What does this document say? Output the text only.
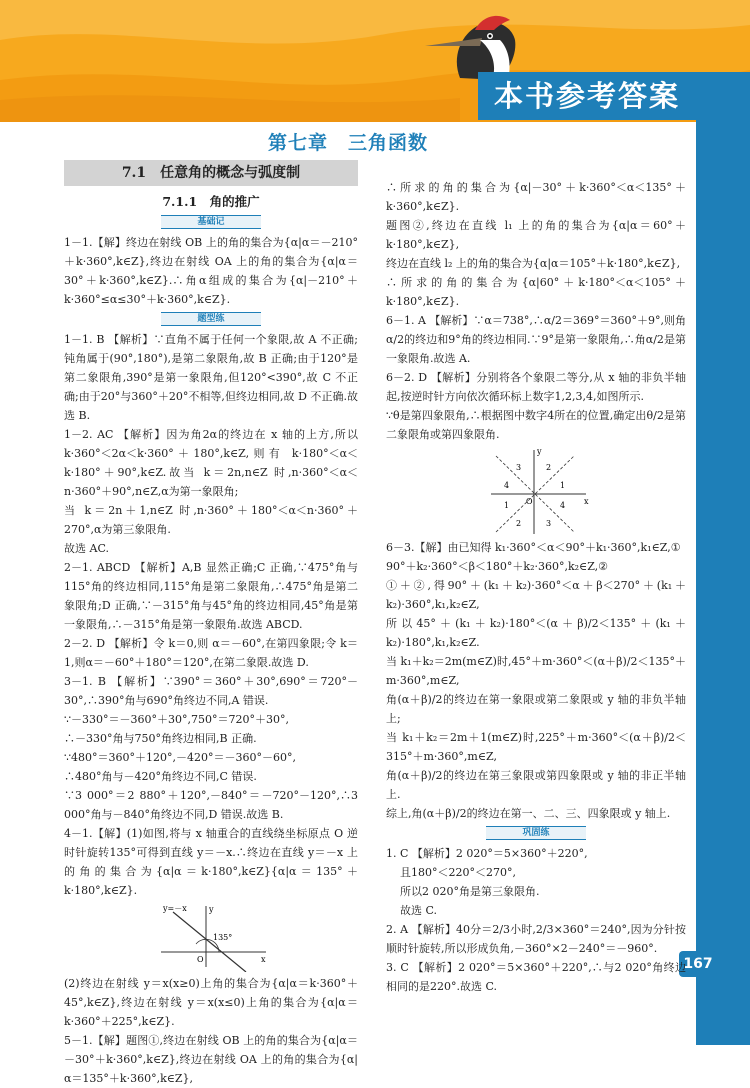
本书参考答案
167
第七章　三角函数
7.1　任意角的概念与弧度制
7.1.1　角的推广
基础记

1－1.【解】终边在射线 OB 上的角的集合为{α|α＝－210°＋k·360°,k∈Z},终边在射线 OA 上的角的集合为{α|α＝30°＋k·360°,k∈Z}.∴角α组成的集合为{α|－210°＋k·360°≤α≤30°＋k·360°,k∈Z}.

题型练

1－1. B 【解析】∵直角不属于任何一个象限,故 A 不正确;钝角属于(90°,180°),是第二象限角,故 B 正确;由于120°是第二象限角,390°是第一象限角,但120°<390°,故 C 不正确;由于20°与360°＋20°不相等,但终边相同,故 D 不正确.故选 B.

1－2. AC 【解析】因为角2α的终边在 x 轴的上方,所以 k·360°＜2α＜k·360°＋180°,k∈Z,则有 k·180°＜α＜k·180°＋90°,k∈Z.故当 k＝2n,n∈Z 时,n·360°＜α＜n·360°＋90°,n∈Z,α为第一象限角;

当 k＝2n＋1,n∈Z 时,n·360°＋180°＜α＜n·360°＋270°,α为第三象限角.

故选 AC.

2－1. ABCD 【解析】A,B 显然正确;C 正确,∵475°角与115°角的终边相同,115°角是第二象限角,∴475°角是第二象限角;D 正确,∵－315°角与45°角的终边相同,45°角是第一象限角,∴－315°角是第一象限角.故选 ABCD.

2－2. D 【解析】令 k＝0,则 α＝－60°,在第四象限;令 k＝1,则α＝－60°＋180°＝120°,在第二象限.故选 D.

3－1. B 【解析】∵390°＝360°＋30°,690°＝720°－30°,∴390°角与690°角终边不同,A 错误.

∵－330°＝－360°＋30°,750°＝720°＋30°,

∴－330°角与750°角终边相同,B 正确.

∵480°＝360°＋120°,－420°＝－360°－60°,

∴480°角与－420°角终边不同,C 错误.

∵3 000°＝2 880°＋120°,－840°＝－720°－120°,∴3 000°角与－840°角终边不同,D 错误.故选 B.

4－1.【解】(1)如图,将与 x 轴重合的直线绕坐标原点 O 逆时针旋转135°可得到直线 y＝－x.∴终边在直线 y＝－x 上的角的集合为{α|α＝k·180°,k∈Z}{α|α＝135°＋k·180°,k∈Z}.

y=－x	y
135°
O	x

(2)终边在射线 y＝x(x≥0)上角的集合为{α|α＝k·360°＋45°,k∈Z},终边在射线 y＝x(x≤0)上角的集合为{α|α＝k·360°＋225°,k∈Z}.

5－1.【解】题图①,终边在射线 OB 上的角的集合为{α|α＝－30°＋k·360°,k∈Z},终边在射线 OA 上的角的集合为{α|α＝135°＋k·360°,k∈Z},

∴所求的角的集合为{α|－30°＋k·360°＜α＜135°＋k·360°,k∈Z}.

题图②,终边在直线 l₁ 上的角的集合为{α|α＝60°＋k·180°,k∈Z},

终边在直线 l₂ 上的角的集合为{α|α＝105°＋k·180°,k∈Z},

∴所求的角的集合为{α|60°＋k·180°＜α＜105°＋k·180°,k∈Z}.

6－1. A 【解析】∵α＝738°,∴α/2＝369°＝360°＋9°,则角α/2的终边和9°角的终边相同.∵9°是第一象限角,∴角α/2是第一象限角.故选 A.

6－2. D 【解析】分别将各个象限二等分,从 x 轴的非负半轴起,按逆时针方向依次循环标上数字1,2,3,4,如图所示.

∵θ是第四象限角,∴根据图中数字4所在的位置,确定出θ/2是第二象限角或第四象限角.

y
3	2
4	1
1	4
2	3
O	x

6－3.【解】由已知得 k₁·360°＜α＜90°＋k₁·360°,k₁∈Z,①

90°＋k₂·360°＜β＜180°＋k₂·360°,k₂∈Z,②

①＋②,得90°＋(k₁＋k₂)·360°＜α＋β＜270°＋(k₁＋k₂)·360°,k₁,k₂∈Z,

所以45°＋(k₁＋k₂)·180°＜(α＋β)/2＜135°＋(k₁＋k₂)·180°,k₁,k₂∈Z.

当 k₁＋k₂＝2m(m∈Z)时,45°＋m·360°＜(α＋β)/2＜135°＋m·360°,m∈Z,

角(α＋β)/2的终边在第一象限或第二象限或 y 轴的非负半轴上;

当 k₁＋k₂＝2m＋1(m∈Z)时,225°＋m·360°＜(α＋β)/2＜315°＋m·360°,m∈Z,

角(α＋β)/2的终边在第三象限或第四象限或 y 轴的非正半轴上.

综上,角(α＋β)/2的终边在第一、二、三、四象限或 y 轴上.

巩固练

1. C 【解析】2 020°＝5×360°＋220°,

且180°＜220°＜270°,

所以2 020°角是第三象限角.

故选 C.

2. A 【解析】40分＝2/3小时,2/3×360°＝240°,因为分针按顺时针旋转,所以形成负角,－360°×2－240°＝－960°.

3. C 【解析】2 020°＝5×360°＋220°,∴与2 020°角终边相同的是220°.故选 C.
